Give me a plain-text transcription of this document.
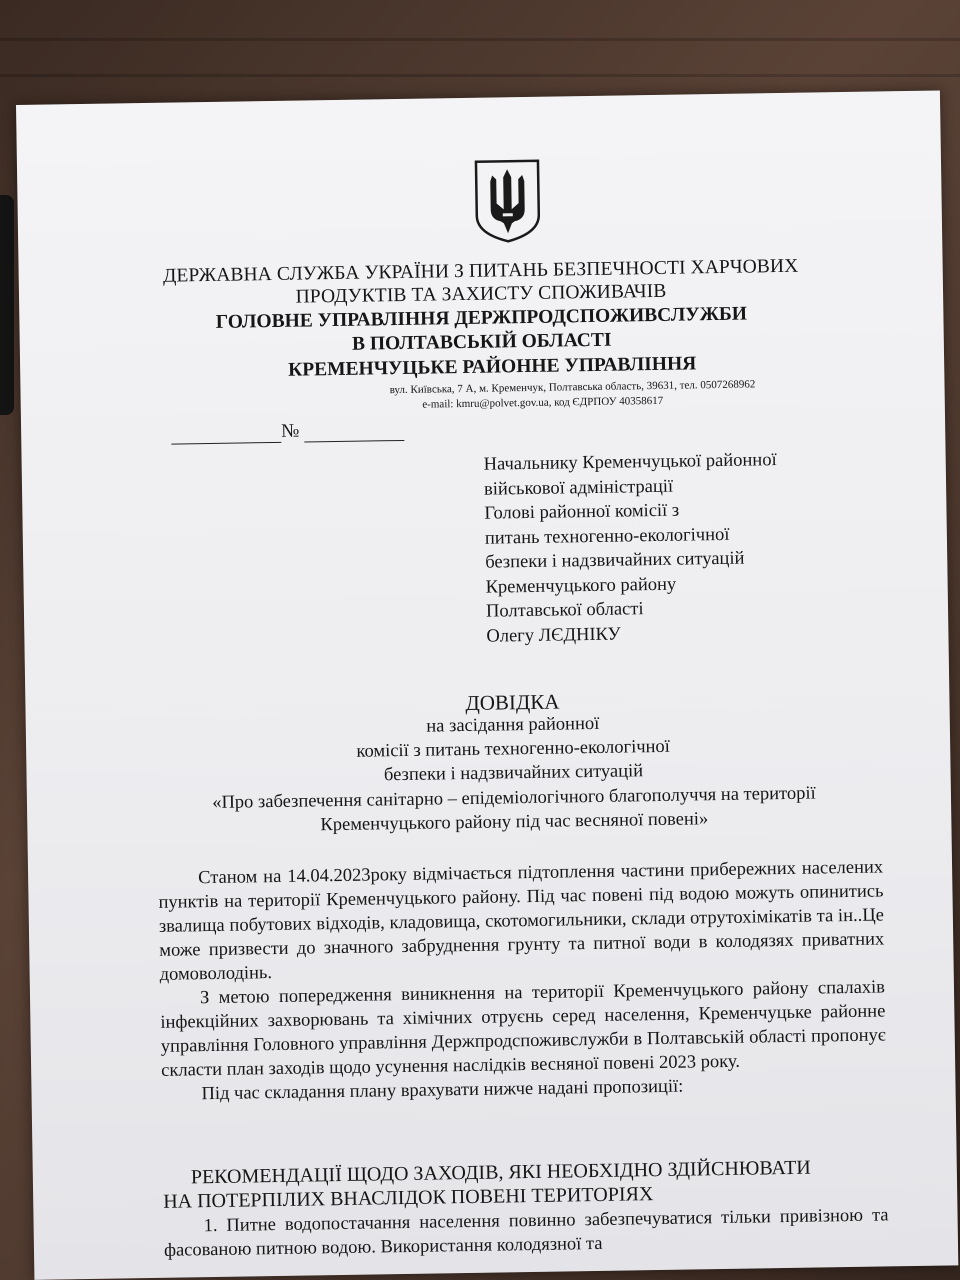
ДЕРЖАВНА СЛУЖБА УКРАЇНИ З ПИТАНЬ БЕЗПЕЧНОСТІ ХАРЧОВИХ
ПРОДУКТІВ ТА ЗАХИСТУ СПОЖИВАЧІВ
ГОЛОВНЕ УПРАВЛІННЯ ДЕРЖПРОДСПОЖИВСЛУЖБИ
В ПОЛТАВСЬКІЙ ОБЛАСТІ
КРЕМЕНЧУЦЬКЕ РАЙОННЕ УПРАВЛІННЯ
вул. Київська, 7 А, м. Кременчук, Полтавська область, 39631, тел. 0507268962
e-mail: kmru@polvet.gov.ua, код ЄДРПОУ 40358617
№
Начальнику Кременчуцької районної
військової адміністрації
Голові районної комісії з
питань техногенно-екологічної
безпеки і надзвичайних ситуацій
Кременчуцького району
Полтавської області
Олегу ЛЄДНІКУ
ДОВІДКА
на засідання районної
комісії з питань техногенно-екологічної
безпеки і надзвичайних ситуацій
«Про забезпечення санітарно – епідеміологічного благополуччя на території
Кременчуцького району під час весняної повені»

Станом на 14.04.2023року відмічається підтоплення частини прибережних населених пунктів на території Кременчуцького району. Під час повені під водою можуть опинитись звалища побутових відходів, кладовища, скотомогильники, склади отрутохімікатів та ін..Це може призвести до значного забруднення грунту та питної води в колодязях приватних домоволодінь.

З метою попередження виникнення на території Кременчуцького району спалахів інфекційних захворювань та хімічних отруєнь серед населення, Кременчуцьке районне управління Головного управління Держпродспоживслужби в Полтавській області пропонує скласти план заходів щодо усунення наслідків весняної повені 2023 року.

Під час складання плану врахувати нижче надані пропозиції:

РЕКОМЕНДАЦІЇ ЩОДО ЗАХОДІВ, ЯКІ НЕОБХІДНО ЗДІЙСНЮВАТИ
НА ПОТЕРПІЛИХ ВНАСЛІДОК ПОВЕНІ ТЕРИТОРІЯХ

1. Питне водопостачання населення повинно забезпечуватися тільки привізною та фасованою питною водою. Використання колодязної та
